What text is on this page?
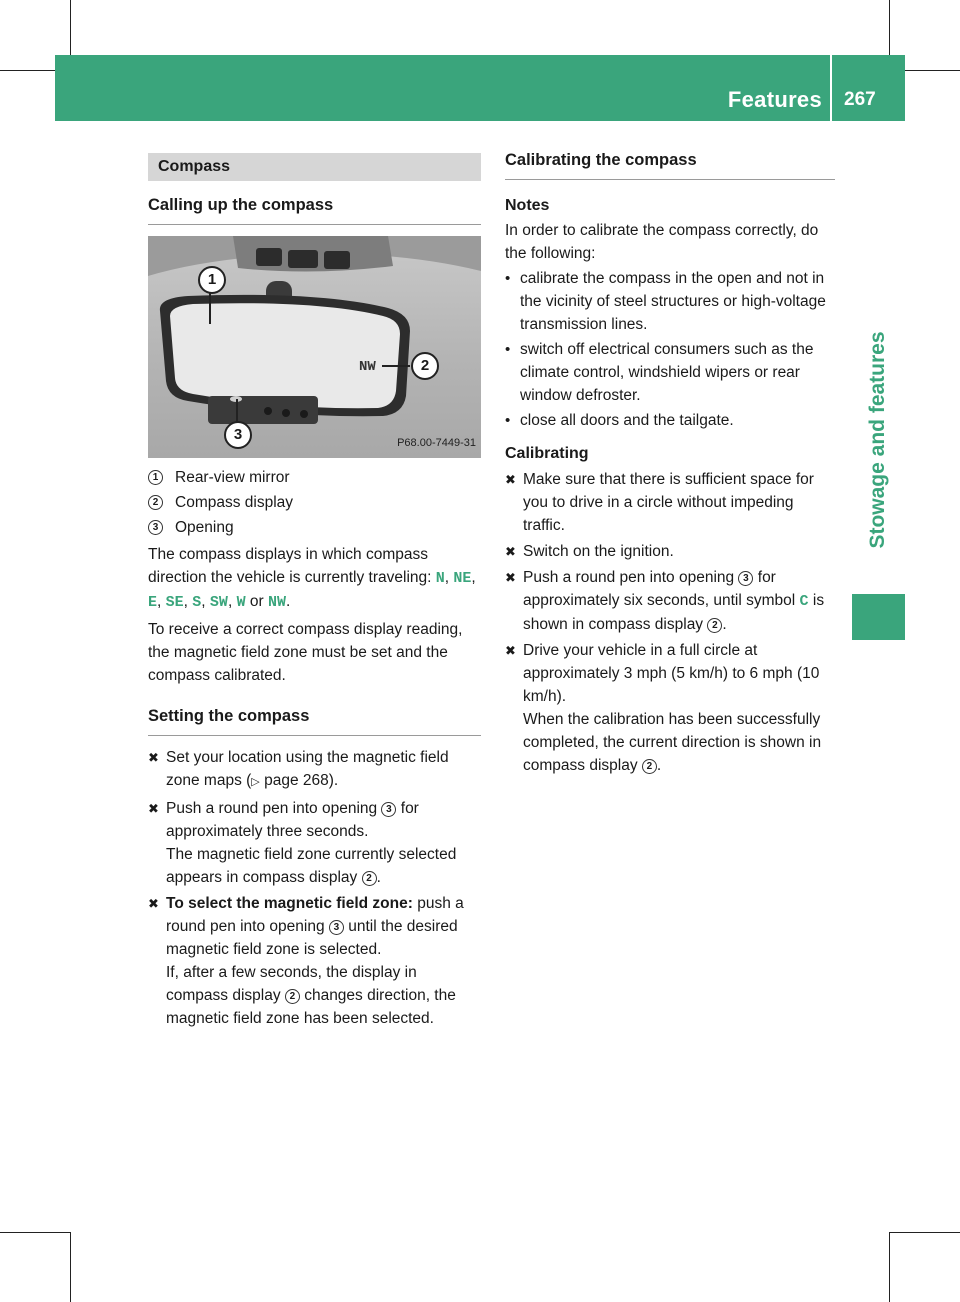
Features 267
Stowage and features
Compass
Calling up the compass
NW
1
2
3	P68.00-7449-31
1	Rear-view mirror
2	Compass display
3	Opening

The compass displays in which compass direction the vehicle is currently traveling: N, NE, E, SE, S, SW, W or NW.

To receive a correct compass display reading, the magnetic field zone must be set and the compass calibrated.

Setting the compass
✖ Set your location using the magnetic field zone maps (▷ page 268).
✖ Push a round pen into opening 3 for approximately three seconds.
The magnetic field zone currently selected appears in compass display 2 .
✖ To select the magnetic field zone: push a round pen into opening 3 until the desired magnetic field zone is selected.
If, after a few seconds, the display in compass display 2 changes direction, the magnetic field zone has been selected.
Calibrating the compass
Notes

In order to calibrate the compass correctly, do the following:

• calibrate the compass in the open and not in the vicinity of steel structures or high-voltage transmission lines.
• switch off electrical consumers such as the climate control, windshield wipers or rear window defroster.
• close all doors and the tailgate.
Calibrating
✖ Make sure that there is sufficient space for you to drive in a circle without impeding traffic.
✖ Switch on the ignition.
✖ Push a round pen into opening 3 for approximately six seconds, until symbol C is shown in compass display 2 .
✖ Drive your vehicle in a full circle at approximately 3 mph (5 km/h) to 6 mph (10 km/h).
When the calibration has been successfully completed, the current direction is shown in compass display 2 .
